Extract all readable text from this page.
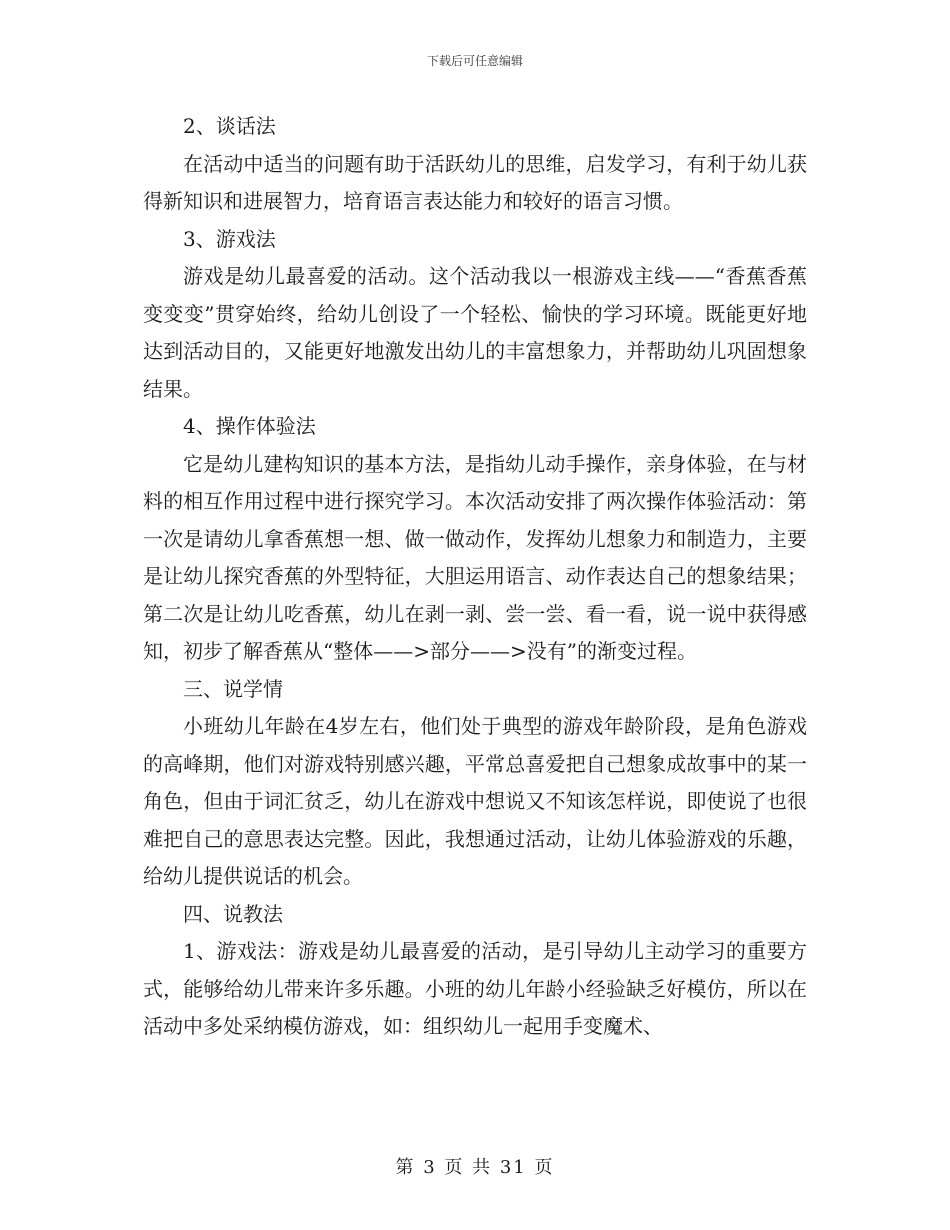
下载后可任意编辑

2、谈话法

在活动中适当的问题有助于活跃幼儿的思维，启发学习，有利于幼儿获得新知识和进展智力，培育语言表达能力和较好的语言习惯。

3、游戏法

游戏是幼儿最喜爱的活动。这个活动我以一根游戏主线——“香蕉香蕉变变变”贯穿始终，给幼儿创设了一个轻松、愉快的学习环境。既能更好地达到活动目的，又能更好地激发出幼儿的丰富想象力，并帮助幼儿巩固想象结果。

4、操作体验法

它是幼儿建构知识的基本方法，是指幼儿动手操作，亲身体验，在与材料的相互作用过程中进行探究学习。本次活动安排了两次操作体验活动：第一次是请幼儿拿香蕉想一想、做一做动作，发挥幼儿想象力和制造力，主要是让幼儿探究香蕉的外型特征，大胆运用语言、动作表达自己的想象结果；第二次是让幼儿吃香蕉，幼儿在剥一剥、尝一尝、看一看，说一说中获得感知，初步了解香蕉从“整体——>部分——>没有”的渐变过程。

三、说学情

小班幼儿年龄在4岁左右，他们处于典型的游戏年龄阶段，是角色游戏的高峰期，他们对游戏特别感兴趣，平常总喜爱把自己想象成故事中的某一角色，但由于词汇贫乏，幼儿在游戏中想说又不知该怎样说，即使说了也很难把自己的意思表达完整。因此，我想通过活动，让幼儿体验游戏的乐趣，给幼儿提供说话的机会。

四、说教法

1、游戏法：游戏是幼儿最喜爱的活动，是引导幼儿主动学习的重要方式，能够给幼儿带来许多乐趣。小班的幼儿年龄小经验缺乏好模仿，所以在活动中多处采纳模仿游戏，如：组织幼儿一起用手变魔术、

第 3 页 共 31 页
